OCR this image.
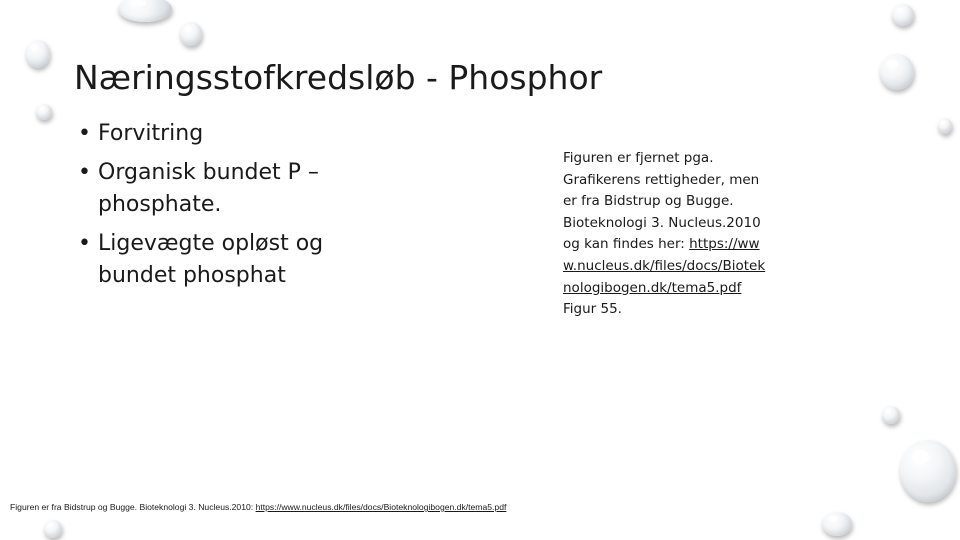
Næringsstofkredsløb - Phosphor
• Forvitring
• Organisk bundet P – phosphate.
• Ligevægte opløst og bundet phosphat

Figuren er fjernet pga. Grafikerens rettigheder, men er fra Bidstrup og Bugge. Bioteknologi 3. Nucleus.2010 og kan findes her: https://www.nucleus.dk/files/docs/Bioteknologibogen.dk/tema5.pdf
Figur 55.

Figuren er fra Bidstrup og Bugge. Bioteknologi 3. Nucleus.2010: https://www.nucleus.dk/files/docs/Bioteknologibogen.dk/tema5.pdf
